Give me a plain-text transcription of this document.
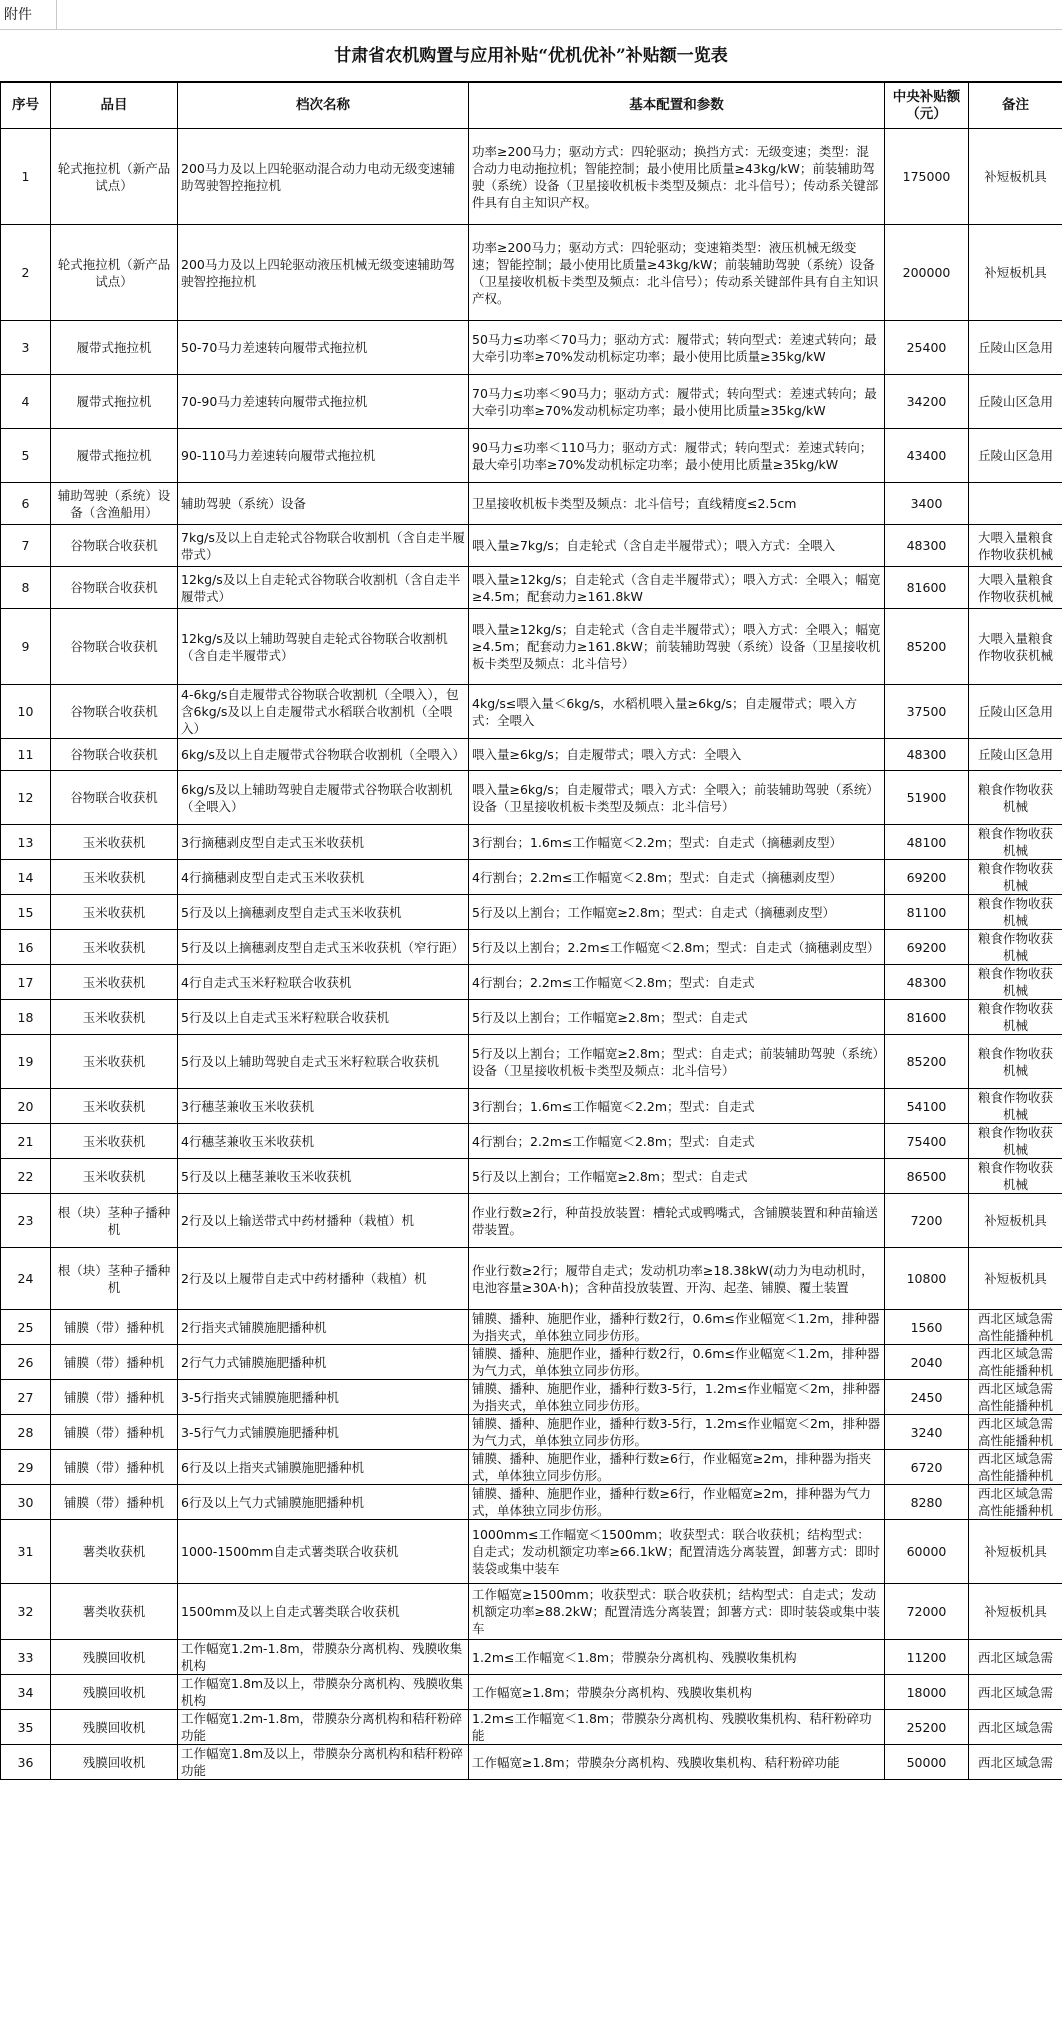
附件
甘肃省农机购置与应用补贴“优机优补”补贴额一览表
序号	品目	档次名称	基本配置和参数	中央补贴额（元）	备注
1	轮式拖拉机（新产品试点）	200马力及以上四轮驱动混合动力电动无级变速辅助驾驶智控拖拉机	功率≥200马力；驱动方式：四轮驱动；换挡方式：无级变速；类型：混合动力电动拖拉机；智能控制；最小使用比质量≥43kg/kW；前装辅助驾驶（系统）设备（卫星接收机板卡类型及频点：北斗信号）；传动系关键部件具有自主知识产权。	175000	补短板机具
2	轮式拖拉机（新产品试点）	200马力及以上四轮驱动液压机械无级变速辅助驾驶智控拖拉机	功率≥200马力；驱动方式：四轮驱动；变速箱类型：液压机械无级变速；智能控制；最小使用比质量≥43kg/kW；前装辅助驾驶（系统）设备（卫星接收机板卡类型及频点：北斗信号）；传动系关键部件具有自主知识产权。	200000	补短板机具
3	履带式拖拉机	50-70马力差速转向履带式拖拉机	50马力≤功率＜70马力；驱动方式：履带式；转向型式：差速式转向；最大牵引功率≥70%发动机标定功率；最小使用比质量≥35kg/kW	25400	丘陵山区急用
4	履带式拖拉机	70-90马力差速转向履带式拖拉机	70马力≤功率＜90马力；驱动方式：履带式；转向型式：差速式转向；最大牵引功率≥70%发动机标定功率；最小使用比质量≥35kg/kW	34200	丘陵山区急用
5	履带式拖拉机	90-110马力差速转向履带式拖拉机	90马力≤功率＜110马力；驱动方式：履带式；转向型式：差速式转向；最大牵引功率≥70%发动机标定功率；最小使用比质量≥35kg/kW	43400	丘陵山区急用
6	辅助驾驶（系统）设备（含渔船用）	辅助驾驶（系统）设备	卫星接收机板卡类型及频点：北斗信号；直线精度≤2.5cm	3400	
7	谷物联合收获机	7kg/s及以上自走轮式谷物联合收割机（含自走半履带式）	喂入量≥7kg/s；自走轮式（含自走半履带式）；喂入方式：全喂入	48300	大喂入量粮食作物收获机械
8	谷物联合收获机	12kg/s及以上自走轮式谷物联合收割机（含自走半履带式）	喂入量≥12kg/s；自走轮式（含自走半履带式）；喂入方式：全喂入；幅宽≥4.5m；配套动力≥161.8kW	81600	大喂入量粮食作物收获机械
9	谷物联合收获机	12kg/s及以上辅助驾驶自走轮式谷物联合收割机（含自走半履带式）	喂入量≥12kg/s；自走轮式（含自走半履带式）；喂入方式：全喂入；幅宽≥4.5m；配套动力≥161.8kW；前装辅助驾驶（系统）设备（卫星接收机板卡类型及频点：北斗信号）	85200	大喂入量粮食作物收获机械
10	谷物联合收获机	4-6kg/s自走履带式谷物联合收割机（全喂入），包含6kg/s及以上自走履带式水稻联合收割机（全喂入）	4kg/s≤喂入量＜6kg/s，水稻机喂入量≥6kg/s；自走履带式；喂入方式：全喂入	37500	丘陵山区急用
11	谷物联合收获机	6kg/s及以上自走履带式谷物联合收割机（全喂入）	喂入量≥6kg/s；自走履带式；喂入方式：全喂入	48300	丘陵山区急用
12	谷物联合收获机	6kg/s及以上辅助驾驶自走履带式谷物联合收割机（全喂入）	喂入量≥6kg/s；自走履带式；喂入方式：全喂入；前装辅助驾驶（系统）设备（卫星接收机板卡类型及频点：北斗信号）	51900	粮食作物收获机械
13	玉米收获机	3行摘穗剥皮型自走式玉米收获机	3行割台；1.6m≤工作幅宽＜2.2m；型式：自走式（摘穗剥皮型）	48100	粮食作物收获机械
14	玉米收获机	4行摘穗剥皮型自走式玉米收获机	4行割台；2.2m≤工作幅宽＜2.8m；型式：自走式（摘穗剥皮型）	69200	粮食作物收获机械
15	玉米收获机	5行及以上摘穗剥皮型自走式玉米收获机	5行及以上割台；工作幅宽≥2.8m；型式：自走式（摘穗剥皮型）	81100	粮食作物收获机械
16	玉米收获机	5行及以上摘穗剥皮型自走式玉米收获机（窄行距）	5行及以上割台；2.2m≤工作幅宽＜2.8m；型式：自走式（摘穗剥皮型）	69200	粮食作物收获机械
17	玉米收获机	4行自走式玉米籽粒联合收获机	4行割台；2.2m≤工作幅宽＜2.8m；型式：自走式	48300	粮食作物收获机械
18	玉米收获机	5行及以上自走式玉米籽粒联合收获机	5行及以上割台；工作幅宽≥2.8m；型式：自走式	81600	粮食作物收获机械
19	玉米收获机	5行及以上辅助驾驶自走式玉米籽粒联合收获机	5行及以上割台；工作幅宽≥2.8m；型式：自走式；前装辅助驾驶（系统）设备（卫星接收机板卡类型及频点：北斗信号）	85200	粮食作物收获机械
20	玉米收获机	3行穗茎兼收玉米收获机	3行割台；1.6m≤工作幅宽＜2.2m；型式：自走式	54100	粮食作物收获机械
21	玉米收获机	4行穗茎兼收玉米收获机	4行割台；2.2m≤工作幅宽＜2.8m；型式：自走式	75400	粮食作物收获机械
22	玉米收获机	5行及以上穗茎兼收玉米收获机	5行及以上割台；工作幅宽≥2.8m；型式：自走式	86500	粮食作物收获机械
23	根（块）茎种子播种机	2行及以上输送带式中药材播种（栽植）机	作业行数≥2行，种苗投放装置：槽轮式或鸭嘴式，含铺膜装置和种苗输送带装置。	7200	补短板机具
24	根（块）茎种子播种机	2行及以上履带自走式中药材播种（栽植）机	作业行数≥2行；履带自走式；发动机功率≥18.38kW(动力为电动机时，电池容量≥30A·h)；含种苗投放装置、开沟、起垄、铺膜、覆土装置	10800	补短板机具
25	铺膜（带）播种机	2行指夹式铺膜施肥播种机	铺膜、播种、施肥作业，播种行数2行，0.6m≤作业幅宽＜1.2m，排种器为指夹式，单体独立同步仿形。	1560	西北区域急需高性能播种机
26	铺膜（带）播种机	2行气力式铺膜施肥播种机	铺膜、播种、施肥作业，播种行数2行，0.6m≤作业幅宽＜1.2m，排种器为气力式，单体独立同步仿形。	2040	西北区域急需高性能播种机
27	铺膜（带）播种机	3-5行指夹式铺膜施肥播种机	铺膜、播种、施肥作业，播种行数3-5行，1.2m≤作业幅宽＜2m，排种器为指夹式，单体独立同步仿形。	2450	西北区域急需高性能播种机
28	铺膜（带）播种机	3-5行气力式铺膜施肥播种机	铺膜、播种、施肥作业，播种行数3-5行，1.2m≤作业幅宽＜2m，排种器为气力式，单体独立同步仿形。	3240	西北区域急需高性能播种机
29	铺膜（带）播种机	6行及以上指夹式铺膜施肥播种机	铺膜、播种、施肥作业，播种行数≥6行，作业幅宽≥2m，排种器为指夹式，单体独立同步仿形。	6720	西北区域急需高性能播种机
30	铺膜（带）播种机	6行及以上气力式铺膜施肥播种机	铺膜、播种、施肥作业，播种行数≥6行，作业幅宽≥2m，排种器为气力式，单体独立同步仿形。	8280	西北区域急需高性能播种机
31	薯类收获机	1000-1500mm自走式薯类联合收获机	1000mm≤工作幅宽＜1500mm；收获型式：联合收获机；结构型式：自走式；发动机额定功率≥66.1kW；配置清选分离装置，卸薯方式：即时装袋或集中装车	60000	补短板机具
32	薯类收获机	1500mm及以上自走式薯类联合收获机	工作幅宽≥1500mm；收获型式：联合收获机；结构型式：自走式；发动机额定功率≥88.2kW；配置清选分离装置；卸薯方式：即时装袋或集中装车	72000	补短板机具
33	残膜回收机	工作幅宽1.2m-1.8m，带膜杂分离机构、残膜收集机构	1.2m≤工作幅宽＜1.8m；带膜杂分离机构、残膜收集机构	11200	西北区域急需
34	残膜回收机	工作幅宽1.8m及以上，带膜杂分离机构、残膜收集机构	工作幅宽≥1.8m；带膜杂分离机构、残膜收集机构	18000	西北区域急需
35	残膜回收机	工作幅宽1.2m-1.8m，带膜杂分离机构和秸秆粉碎功能	1.2m≤工作幅宽＜1.8m；带膜杂分离机构、残膜收集机构、秸秆粉碎功能	25200	西北区域急需
36	残膜回收机	工作幅宽1.8m及以上，带膜杂分离机构和秸秆粉碎功能	工作幅宽≥1.8m；带膜杂分离机构、残膜收集机构、秸秆粉碎功能	50000	西北区域急需
